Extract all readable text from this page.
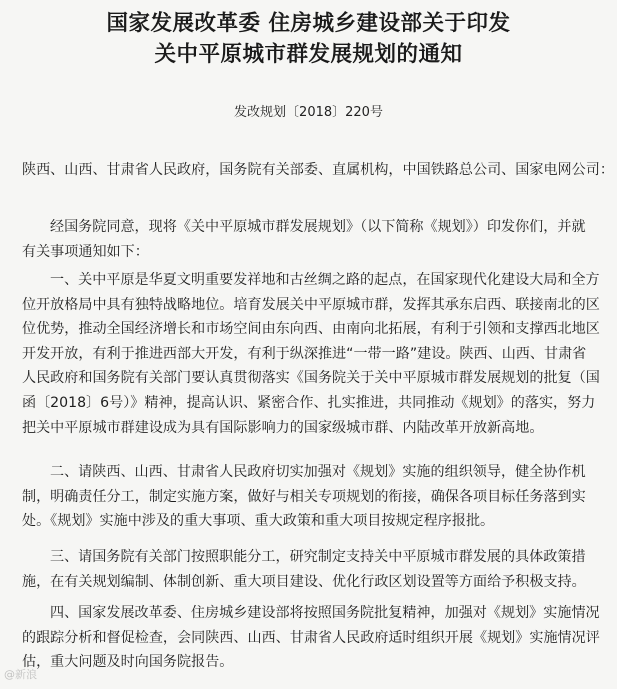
国家发展改革委 住房城乡建设部关于印发
关中平原城市群发展规划的通知
发改规划〔2018〕220号

陕西、山西、甘肃省人民政府，国务院有关部委、直属机构，中国铁路总公司、国家电网公司：

经国务院同意，现将《关中平原城市群发展规划》（以下简称《规划》）印发你们，并就
有关事项通知如下：

一、关中平原是华夏文明重要发祥地和古丝绸之路的起点，在国家现代化建设大局和全方
位开放格局中具有独特战略地位。培育发展关中平原城市群，发挥其承东启西、联接南北的区
位优势，推动全国经济增长和市场空间由东向西、由南向北拓展，有利于引领和支撑西北地区
开发开放，有利于推进西部大开发，有利于纵深推进“一带一路”建设。陕西、山西、甘肃省
人民政府和国务院有关部门要认真贯彻落实《国务院关于关中平原城市群发展规划的批复（国
函〔2018〕6号）》精神，提高认识、紧密合作、扎实推进，共同推动《规划》的落实，努力
把关中平原城市群建设成为具有国际影响力的国家级城市群、内陆改革开放新高地。

二、请陕西、山西、甘肃省人民政府切实加强对《规划》实施的组织领导，健全协作机
制，明确责任分工，制定实施方案，做好与相关专项规划的衔接，确保各项目标任务落到实
处。《规划》实施中涉及的重大事项、重大政策和重大项目按规定程序报批。

三、请国务院有关部门按照职能分工，研究制定支持关中平原城市群发展的具体政策措
施，在有关规划编制、体制创新、重大项目建设、优化行政区划设置等方面给予积极支持。

四、国家发展改革委、住房城乡建设部将按照国务院批复精神，加强对《规划》实施情况
的跟踪分析和督促检查，会同陕西、山西、甘肃省人民政府适时组织开展《规划》实施情况评
估，重大问题及时向国务院报告。

@新浪
